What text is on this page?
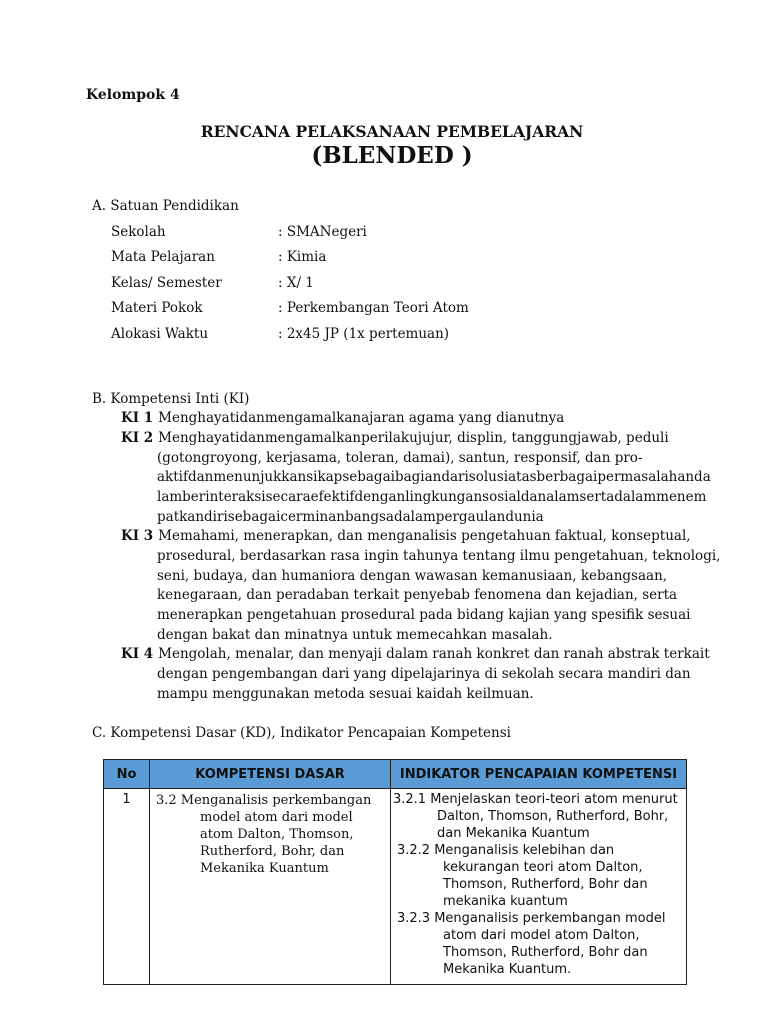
Kelompok 4
RENCANA PELAKSANAAN PEMBELAJARAN
(BLENDED )
A. Satuan Pendidikan
Sekolah	: SMANegeri
Mata Pelajaran	: Kimia
Kelas/ Semester	: X/ 1
Materi Pokok	: Perkembangan Teori Atom
Alokasi Waktu	: 2x45 JP (1x pertemuan)
B. Kompetensi Inti (KI)
KI 1 Menghayatidanmengamalkanajaran agama yang dianutnya
KI 2 Menghayatidanmengamalkanperilakujujur, displin, tanggungjawab, peduli
(gotongroyong, kerjasama, toleran, damai), santun, responsif, dan pro-
aktifdanmenunjukkansikapsebagaibagiandarisolusiatasberbagaipermasalahanda
lamberinteraksisecaraefektifdenganlingkungansosialdanalamsertadalammenem
patkandirisebagaicerminanbangsadalampergaulandunia
KI 3 Memahami, menerapkan, dan menganalisis pengetahuan faktual, konseptual,
prosedural, berdasarkan rasa ingin tahunya tentang ilmu pengetahuan, teknologi,
seni, budaya, dan humaniora dengan wawasan kemanusiaan, kebangsaan,
kenegaraan, dan peradaban terkait penyebab fenomena dan kejadian, serta
menerapkan pengetahuan prosedural pada bidang kajian yang spesifik sesuai
dengan bakat dan minatnya untuk memecahkan masalah.
KI 4 Mengolah, menalar, dan menyaji dalam ranah konkret dan ranah abstrak terkait
dengan pengembangan dari yang dipelajarinya di sekolah secara mandiri dan
mampu menggunakan metoda sesuai kaidah keilmuan.
C. Kompetensi Dasar (KD), Indikator Pencapaian Kompetensi
No	KOMPETENSI DASAR	INDIKATOR PENCAPAIAN KOMPETENSI
1	3.2 Menganalisis perkembangan model atom dari model atom Dalton, Thomson, Rutherford, Bohr, dan Mekanika Kuantum	3.2.1 Menjelaskan teori-teori atom menurut Dalton, Thomson, Rutherford, Bohr, dan Mekanika Kuantum
3.2.2 Menganalisis kelebihan dan kekurangan teori atom Dalton, Thomson, Rutherford, Bohr dan mekanika kuantum
3.2.3 Menganalisis perkembangan model atom dari model atom Dalton, Thomson, Rutherford, Bohr dan Mekanika Kuantum.
